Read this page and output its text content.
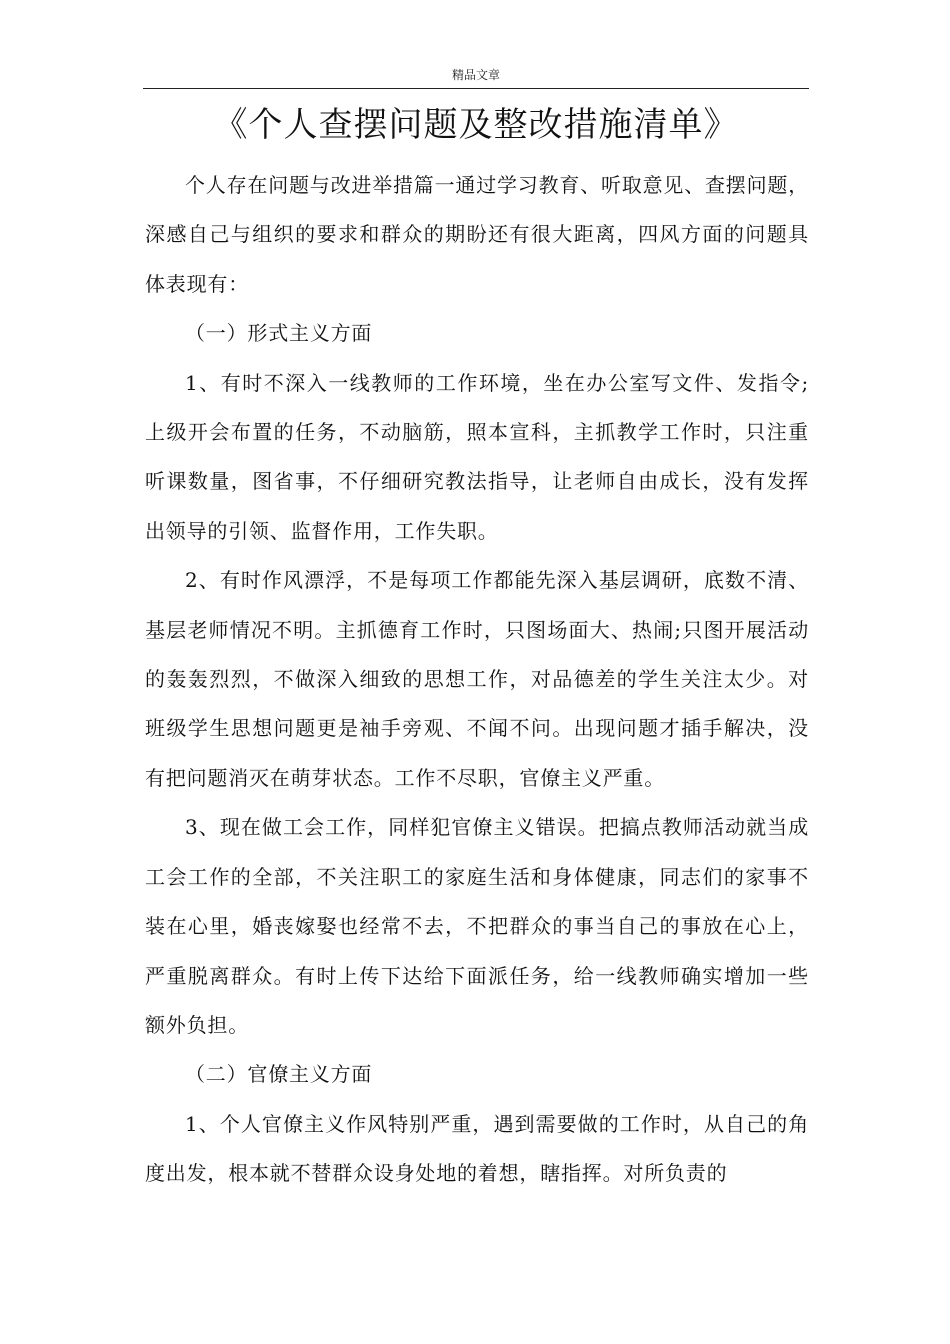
精品文章
《个人查摆问题及整改措施清单》

个人存在问题与改进举措篇一通过学习教育、听取意见、查摆问题，深感自己与组织的要求和群众的期盼还有很大距离，四风方面的问题具体表现有：

（一）形式主义方面

1、有时不深入一线教师的工作环境，坐在办公室写文件、发指令;上级开会布置的任务，不动脑筋，照本宣科，主抓教学工作时，只注重听课数量，图省事，不仔细研究教法指导，让老师自由成长，没有发挥出领导的引领、监督作用，工作失职。

2、有时作风漂浮，不是每项工作都能先深入基层调研，底数不清、基层老师情况不明。主抓德育工作时，只图场面大、热闹;只图开展活动的轰轰烈烈，不做深入细致的思想工作，对品德差的学生关注太少。对班级学生思想问题更是袖手旁观、不闻不问。出现问题才插手解决，没有把问题消灭在萌芽状态。工作不尽职，官僚主义严重。

3、现在做工会工作，同样犯官僚主义错误。把搞点教师活动就当成工会工作的全部，不关注职工的家庭生活和身体健康，同志们的家事不装在心里，婚丧嫁娶也经常不去，不把群众的事当自己的事放在心上，严重脱离群众。有时上传下达给下面派任务，给一线教师确实增加一些额外负担。

（二）官僚主义方面

1、个人官僚主义作风特别严重，遇到需要做的工作时，从自己的角度出发，根本就不替群众设身处地的着想，瞎指挥。对所负责的
